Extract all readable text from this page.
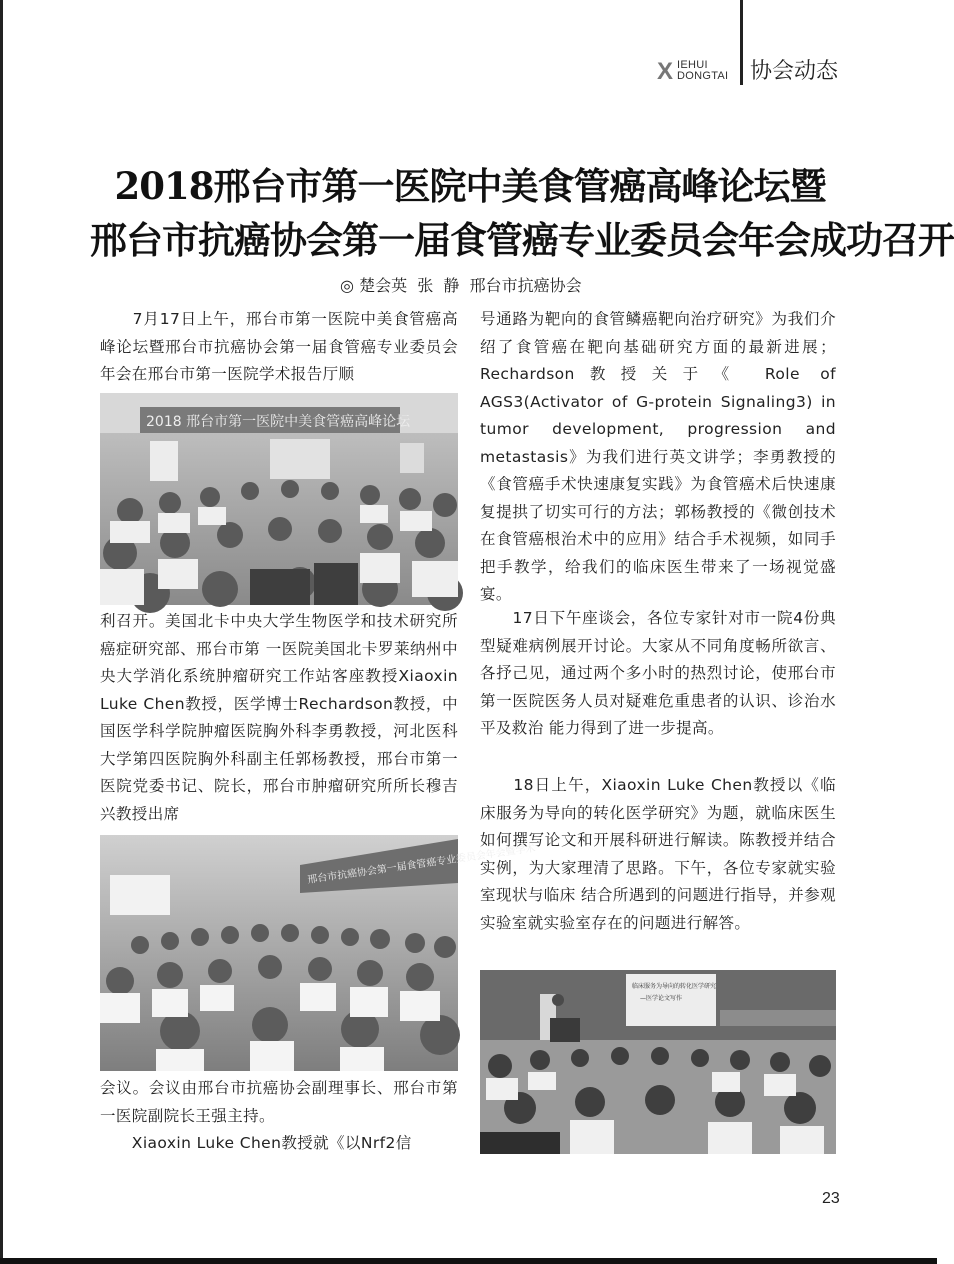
X IEHUI
DONGTAI 协会动态
2018邢台市第一医院中美食管癌高峰论坛暨
邢台市抗癌协会第一届食管癌专业委员会年会成功召开
◎ 楚会英  张  静  邢台市抗癌协会

　　7月17日上午，邢台市第一医院中美食管癌高峰论坛暨邢台市抗癌协会第一届食管癌专业委员会年会在邢台市第一医院学术报告厅顺

2018 邢台市第一医院中美食管癌高峰论坛

利召开。美国北卡中央大学生物医学和技术研究所癌症研究部、邢台市第 一医院美国北卡罗莱纳州中央大学消化系统肿瘤研究工作站客座教授Xiaoxin Luke Chen教授，医学博士Rechardson教授，中国医学科学院肿瘤医院胸外科李勇教授，河北医科大学第四医院胸外科副主任郭杨教授，邢台市第一医院党委书记、院长，邢台市肿瘤研究所所长穆吉兴教授出席

邢台市抗癌协会第一届食管癌专业委员会年会暨学术

会议。会议由邢台市抗癌协会副理事长、邢台市第一医院副院长王强主持。

　　Xiaoxin Luke Chen教授就《以Nrf2信

号通路为靶向的食管鳞癌靶向治疗研究》为我们介绍了食管癌在靶向基础研究方面的最新进展；Rechardson教授关于《 Role of AGS3(Activator of G-protein Signaling3) in tumor development, progression and metastasis》为我们进行英文讲学；李勇教授的《食管癌手术快速康复实践》为食管癌术后快速康复提拱了切实可行的方法；郭杨教授的《微创技术在食管癌根治术中的应用》结合手术视频，如同手把手教学，给我们的临床医生带来了一场视觉盛宴。

　　17日下午座谈会，各位专家针对市一院4份典型疑难病例展开讨论。大家从不同角度畅所欲言、各抒己见，通过两个多小时的热烈讨论，使邢台市第一医院医务人员对疑难危重患者的认识、诊治水平及救治 能力得到了进一步提高。

　　18日上午，Xiaoxin Luke Chen教授以《临床服务为导向的转化医学研究》为题，就临床医生如何撰写论文和开展科研进行解读。陈教授并结合实例，为大家理清了思路。下午，各位专家就实验室现状与临床 结合所遇到的问题进行指导，并参观实验室就实验室存在的问题进行解答。

临床服务为导向的转化医学研究
—医学论文写作
23
